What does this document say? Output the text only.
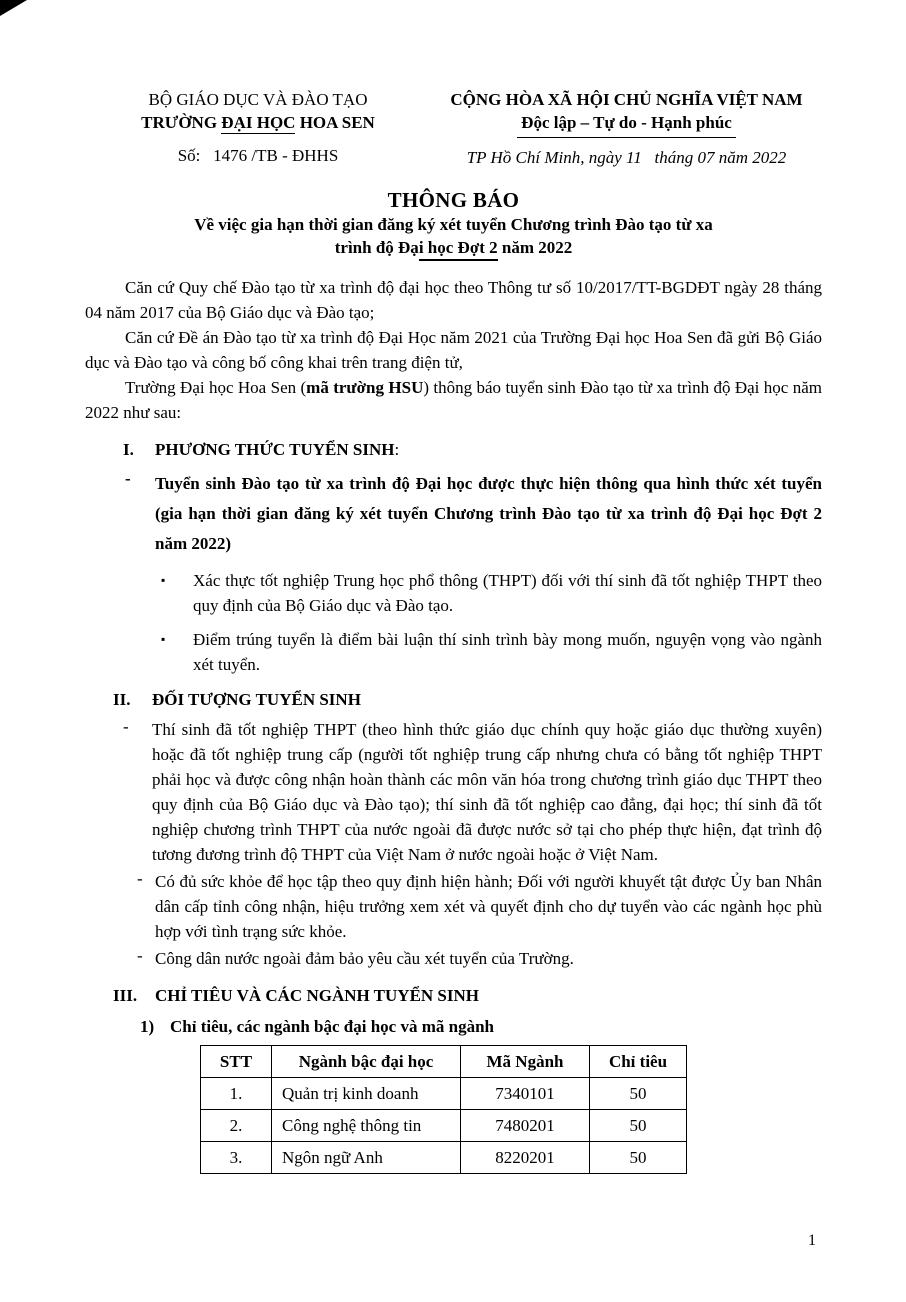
BỘ GIÁO DỤC VÀ ĐÀO TẠO
TRƯỜNG ĐẠI HỌC HOA SEN
Số:   1476 /TB - ĐHHS
CỘNG HÒA XÃ HỘI CHỦ NGHĨA VIỆT NAM
Độc lập – Tự do - Hạnh phúc
TP Hồ Chí Minh, ngày 11   tháng 07 năm 2022
THÔNG BÁO
Về việc gia hạn thời gian đăng ký xét tuyển Chương trình Đào tạo từ xa
trình độ Đại học Đợt 2 năm 2022

Căn cứ Quy chế Đào tạo từ xa trình độ đại học theo Thông tư số 10/2017/TT-BGDĐT ngày 28 tháng 04 năm 2017 của Bộ Giáo dục và Đào tạo;

Căn cứ Đề án Đào tạo từ xa trình độ Đại Học năm 2021 của Trường Đại học Hoa Sen đã gửi Bộ Giáo dục và Đào tạo và công bố công khai trên trang điện tử,

Trường Đại học Hoa Sen (mã trường HSU) thông báo tuyển sinh Đào tạo từ xa trình độ Đại học năm 2022 như sau:

I.	PHƯƠNG THỨC TUYỂN SINH:
-	Tuyển sinh Đào tạo từ xa trình độ Đại học được thực hiện thông qua hình thức xét tuyển (gia hạn thời gian đăng ký xét tuyển Chương trình Đào tạo từ xa trình độ Đại học Đợt 2 năm 2022)
▪	Xác thực tốt nghiệp Trung học phổ thông (THPT) đối với thí sinh đã tốt nghiệp THPT theo quy định của Bộ Giáo dục và Đào tạo.
▪	Điểm trúng tuyển là điểm bài luận thí sinh trình bày mong muốn, nguyện vọng vào ngành xét tuyển.
II.	ĐỐI TƯỢNG TUYỂN SINH
-	Thí sinh đã tốt nghiệp THPT (theo hình thức giáo dục chính quy hoặc giáo dục thường xuyên) hoặc đã tốt nghiệp trung cấp (người tốt nghiệp trung cấp nhưng chưa có bằng tốt nghiệp THPT phải học và được công nhận hoàn thành các môn văn hóa trong chương trình giáo dục THPT theo quy định của Bộ Giáo dục và Đào tạo); thí sinh đã tốt nghiệp cao đẳng, đại học; thí sinh đã tốt nghiệp chương trình THPT của nước ngoài đã được nước sở tại cho phép thực hiện, đạt trình độ tương đương trình độ THPT của Việt Nam ở nước ngoài hoặc ở Việt Nam.
- Có đủ sức khỏe để học tập theo quy định hiện hành; Đối với người khuyết tật được Ủy ban Nhân dân cấp tỉnh công nhận, hiệu trưởng xem xét và quyết định cho dự tuyển vào các ngành học phù hợp với tình trạng sức khỏe.
- Công dân nước ngoài đảm bảo yêu cầu xét tuyển của Trường.
III.	CHỈ TIÊU VÀ CÁC NGÀNH TUYỂN SINH
1) Chỉ tiêu, các ngành bậc đại học và mã ngành
STT	Ngành bậc đại học	Mã Ngành	Chỉ tiêu
1.	Quản trị kinh doanh	7340101	50
2.	Công nghệ thông tin	7480201	50
3.	Ngôn ngữ Anh	8220201	50
1
